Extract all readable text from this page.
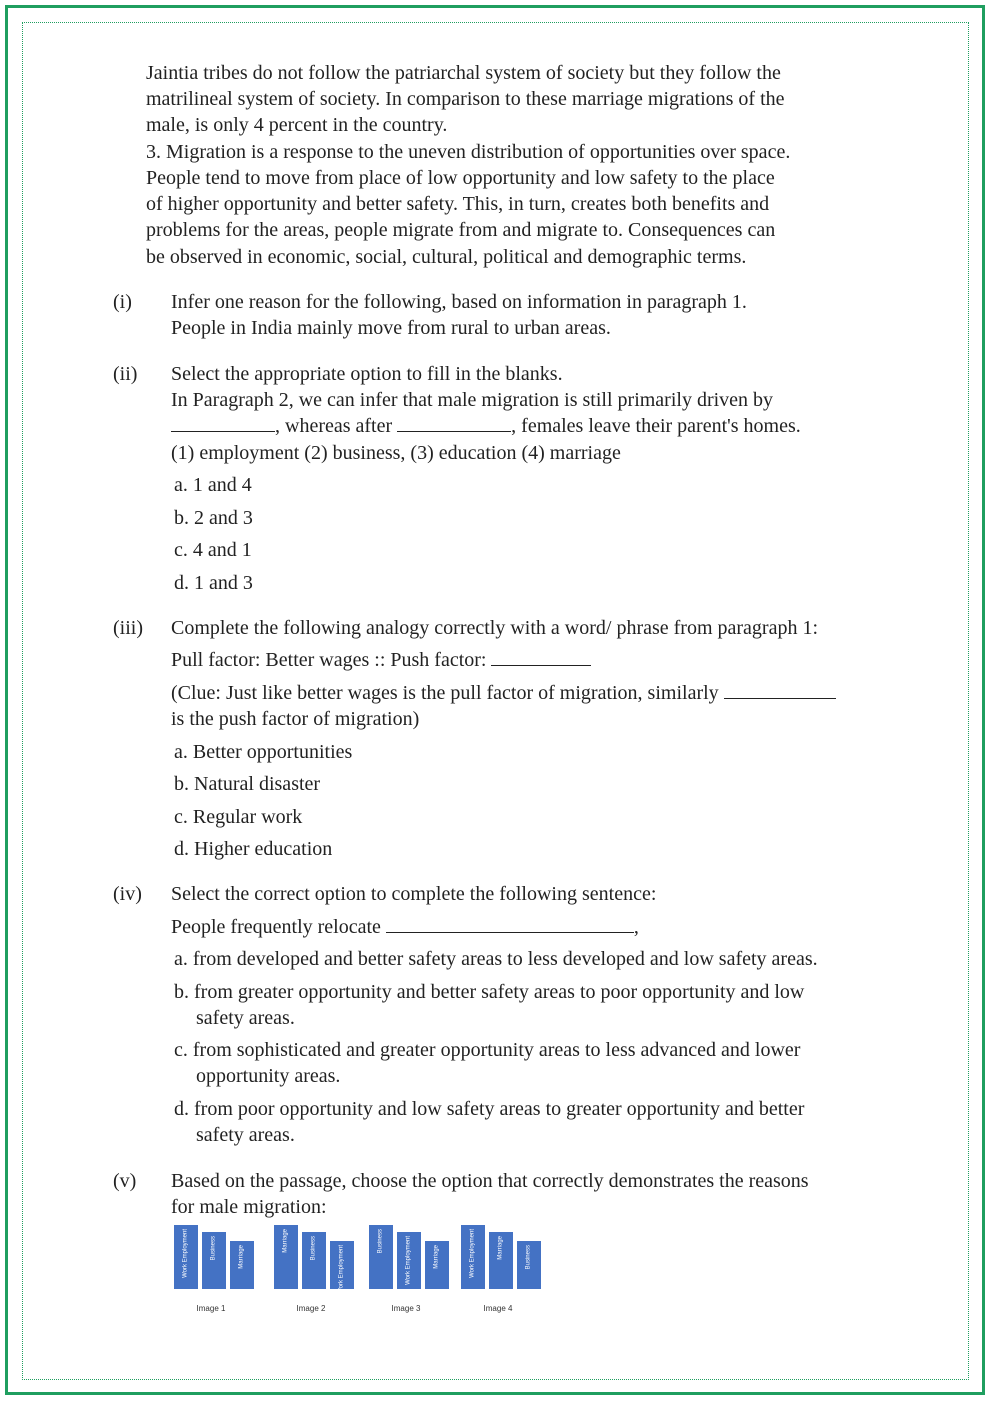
Jaintia tribes do not follow the patriarchal system of society but they follow the
matrilineal system of society. In comparison to these marriage migrations of the
male, is only 4 percent in the country.
3. Migration is a response to the uneven distribution of opportunities over space.
People tend to move from place of low opportunity and low safety to the place
of higher opportunity and better safety. This, in turn, creates both benefits and
problems for the areas, people migrate from and migrate to. Consequences can
be observed in economic, social, cultural, political and demographic terms.
(i) Infer one reason for the following, based on information in paragraph 1.
People in India mainly move from rural to urban areas.
(ii) Select the appropriate option to fill in the blanks.
In Paragraph 2, we can infer that male migration is still primarily driven by
, whereas after	, females leave their parent's homes.
(1) employment (2) business, (3) education (4) marriage
a. 1 and 4
b. 2 and 3
c. 4 and 1
d. 1 and 3
(iii) Complete the following analogy correctly with a word/ phrase from paragraph 1:
Pull factor: Better wages :: Push factor:
(Clue: Just like better wages is the pull factor of migration, similarly
is the push factor of migration)
a. Better opportunities
b. Natural disaster
c. Regular work
d. Higher education
(iv) Select the correct option to complete the following sentence:
People frequently relocate	,
a. from developed and better safety areas to less developed and low safety areas.
b. from greater opportunity and better safety areas to poor opportunity and low
safety areas.
c. from sophisticated and greater opportunity areas to less advanced and lower
opportunity areas.
d. from poor opportunity and low safety areas to greater opportunity and better
safety areas.
(v) Based on the passage, choose the option that correctly demonstrates the reasons
for male migration:
Work Employment	Business	Marriage
Image 1
Marriage	Business	Work Employment
Image 2
Business	Work Employment	Marriage
Image 3
Work Employment	Marriage	Business
Image 4
